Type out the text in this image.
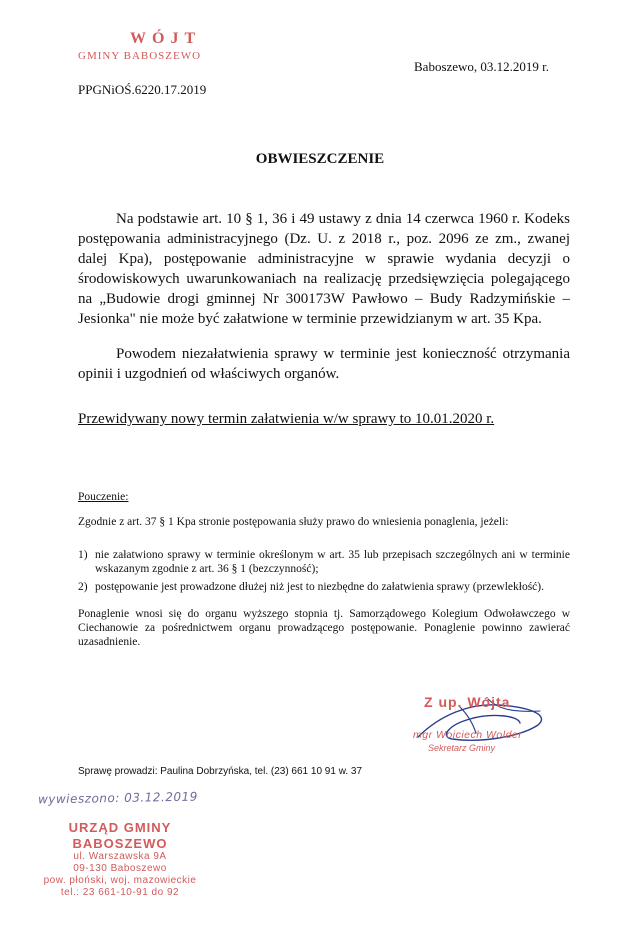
WÓJT
GMINY BABOSZEWO
Baboszewo, 03.12.2019 r.
PPGNiOŚ.6220.17.2019
OBWIESZCZENIE
Na podstawie art. 10 § 1, 36 i 49 ustawy z dnia 14 czerwca 1960 r. Kodeks postępowania administracyjnego (Dz. U. z 2018 r., poz. 2096 ze zm., zwanej dalej Kpa), postępowanie administracyjne w sprawie wydania decyzji o środowiskowych uwarunkowaniach na realizację przedsięwzięcia polegającego na „Budowie drogi gminnej Nr 300173W Pawłowo – Budy Radzymińskie – Jesionka" nie może być załatwione w terminie przewidzianym w art. 35 Kpa.
Powodem niezałatwienia sprawy w terminie jest konieczność otrzymania opinii i uzgodnień od właściwych organów.
Przewidywany nowy termin załatwienia w/w sprawy to 10.01.2020 r.
Pouczenie:
Zgodnie z art. 37 § 1 Kpa stronie postępowania służy prawo do wniesienia ponaglenia, jeżeli:
1) nie załatwiono sprawy w terminie określonym w art. 35 lub przepisach szczególnych ani w terminie wskazanym zgodnie z art. 36 § 1 (bezczynność);
2) postępowanie jest prowadzone dłużej niż jest to niezbędne do załatwienia sprawy (przewlekłość).
Ponaglenie wnosi się do organu wyższego stopnia tj. Samorządowego Kolegium Odwoławczego w Ciechanowie za pośrednictwem organu prowadzącego postępowanie. Ponaglenie powinno zawierać uzasadnienie.
Z up. Wójta
mgr Wojciech Wolder
Sekretarz Gminy
Sprawę prowadzi: Paulina Dobrzyńska, tel. (23) 661 10 91 w. 37
wywieszono: 03.12.2019
URZĄD GMINY
BABOSZEWO
ul. Warszawska 9A
09-130 Baboszewo
pow. płoński, woj. mazowieckie
tel.: 23 661-10-91 do 92
